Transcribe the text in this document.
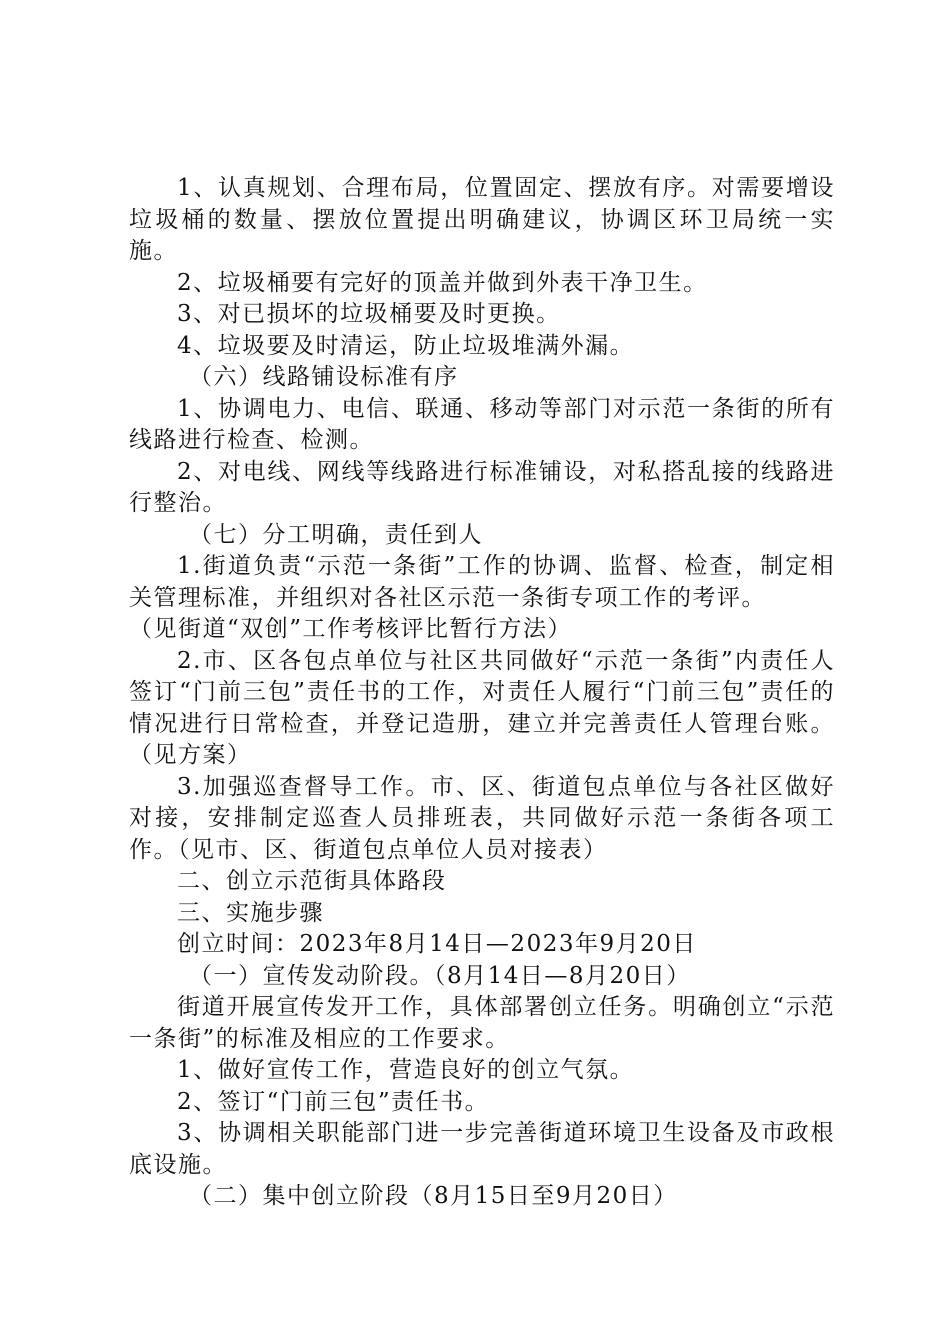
1、认真规划、合理布局，位置固定、摆放有序。对需要增设垃圾桶的数量、摆放位置提出明确建议，协调区环卫局统一实施。

2、垃圾桶要有完好的顶盖并做到外表干净卫生。

3、对已损坏的垃圾桶要及时更换。

4、垃圾要及时清运，防止垃圾堆满外漏。

（六）线路铺设标准有序

1、协调电力、电信、联通、移动等部门对示范一条街的所有线路进行检查、检测。

2、对电线、网线等线路进行标准铺设，对私搭乱接的线路进行整治。

（七）分工明确，责任到人

1.街道负责“示范一条街”工作的协调、监督、检查，制定相关管理标准，并组织对各社区示范一条街专项工作的考评。

（见街道“双创”工作考核评比暂行方法）

2.市、区各包点单位与社区共同做好“示范一条街”内责任人签订“门前三包”责任书的工作，对责任人履行“门前三包”责任的情况进行日常检查，并登记造册，建立并完善责任人管理台账。（见方案）

3.加强巡查督导工作。市、区、街道包点单位与各社区做好对接，安排制定巡查人员排班表，共同做好示范一条街各项工作。（见市、区、街道包点单位人员对接表）

二、创立示范街具体路段

三、实施步骤

创立时间：2023年8月14日—2023年9月20日

（一）宣传发动阶段。（8月14日—8月20日）

街道开展宣传发开工作，具体部署创立任务。明确创立“示范一条街”的标准及相应的工作要求。

1、做好宣传工作，营造良好的创立气氛。

2、签订“门前三包”责任书。

3、协调相关职能部门进一步完善街道环境卫生设备及市政根底设施。

（二）集中创立阶段（8月15日至9月20日）
